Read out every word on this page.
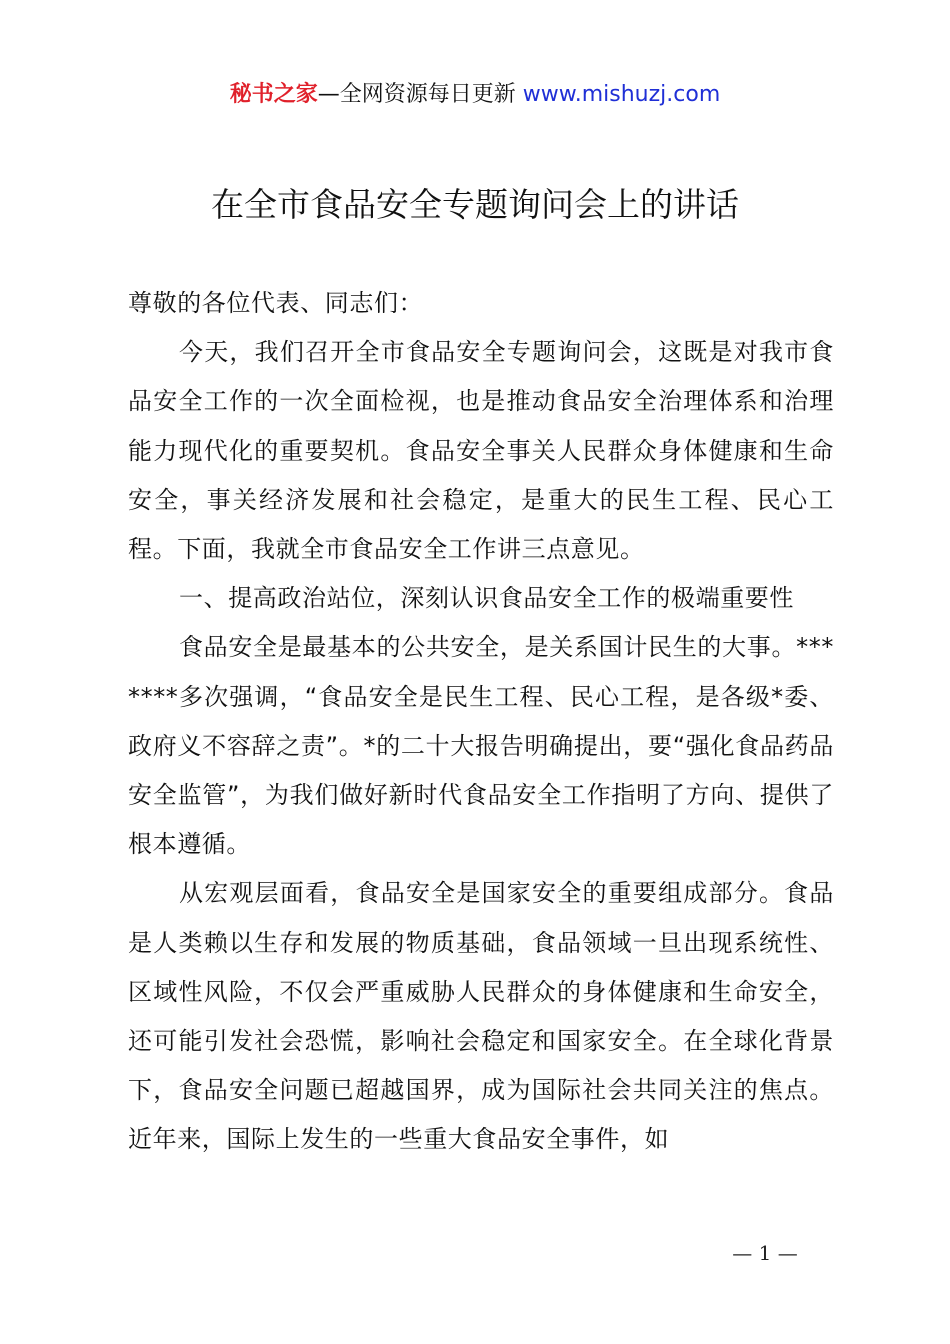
秘书之家—全网资源每日更新 www.mishuzj.com
在全市食品安全专题询问会上的讲话

尊敬的各位代表、同志们：

今天，我们召开全市食品安全专题询问会，这既是对我市食品安全工作的一次全面检视，也是推动食品安全治理体系和治理能力现代化的重要契机。食品安全事关人民群众身体健康和生命安全，事关经济发展和社会稳定，是重大的民生工程、民心工程。下面，我就全市食品安全工作讲三点意见。

一、提高政治站位，深刻认识食品安全工作的极端重要性

食品安全是最基本的公共安全，是关系国计民生的大事。*******多次强调，“食品安全是民生工程、民心工程，是各级*委、政府义不容辞之责”。*的二十大报告明确提出，要“强化食品药品安全监管”，为我们做好新时代食品安全工作指明了方向、提供了根本遵循。

从宏观层面看，食品安全是国家安全的重要组成部分。食品是人类赖以生存和发展的物质基础，食品领域一旦出现系统性、区域性风险，不仅会严重威胁人民群众的身体健康和生命安全，还可能引发社会恐慌，影响社会稳定和国家安全。在全球化背景下，食品安全问题已超越国界，成为国际社会共同关注的焦点。近年来，国际上发生的一些重大食品安全事件，如

— 1 —
